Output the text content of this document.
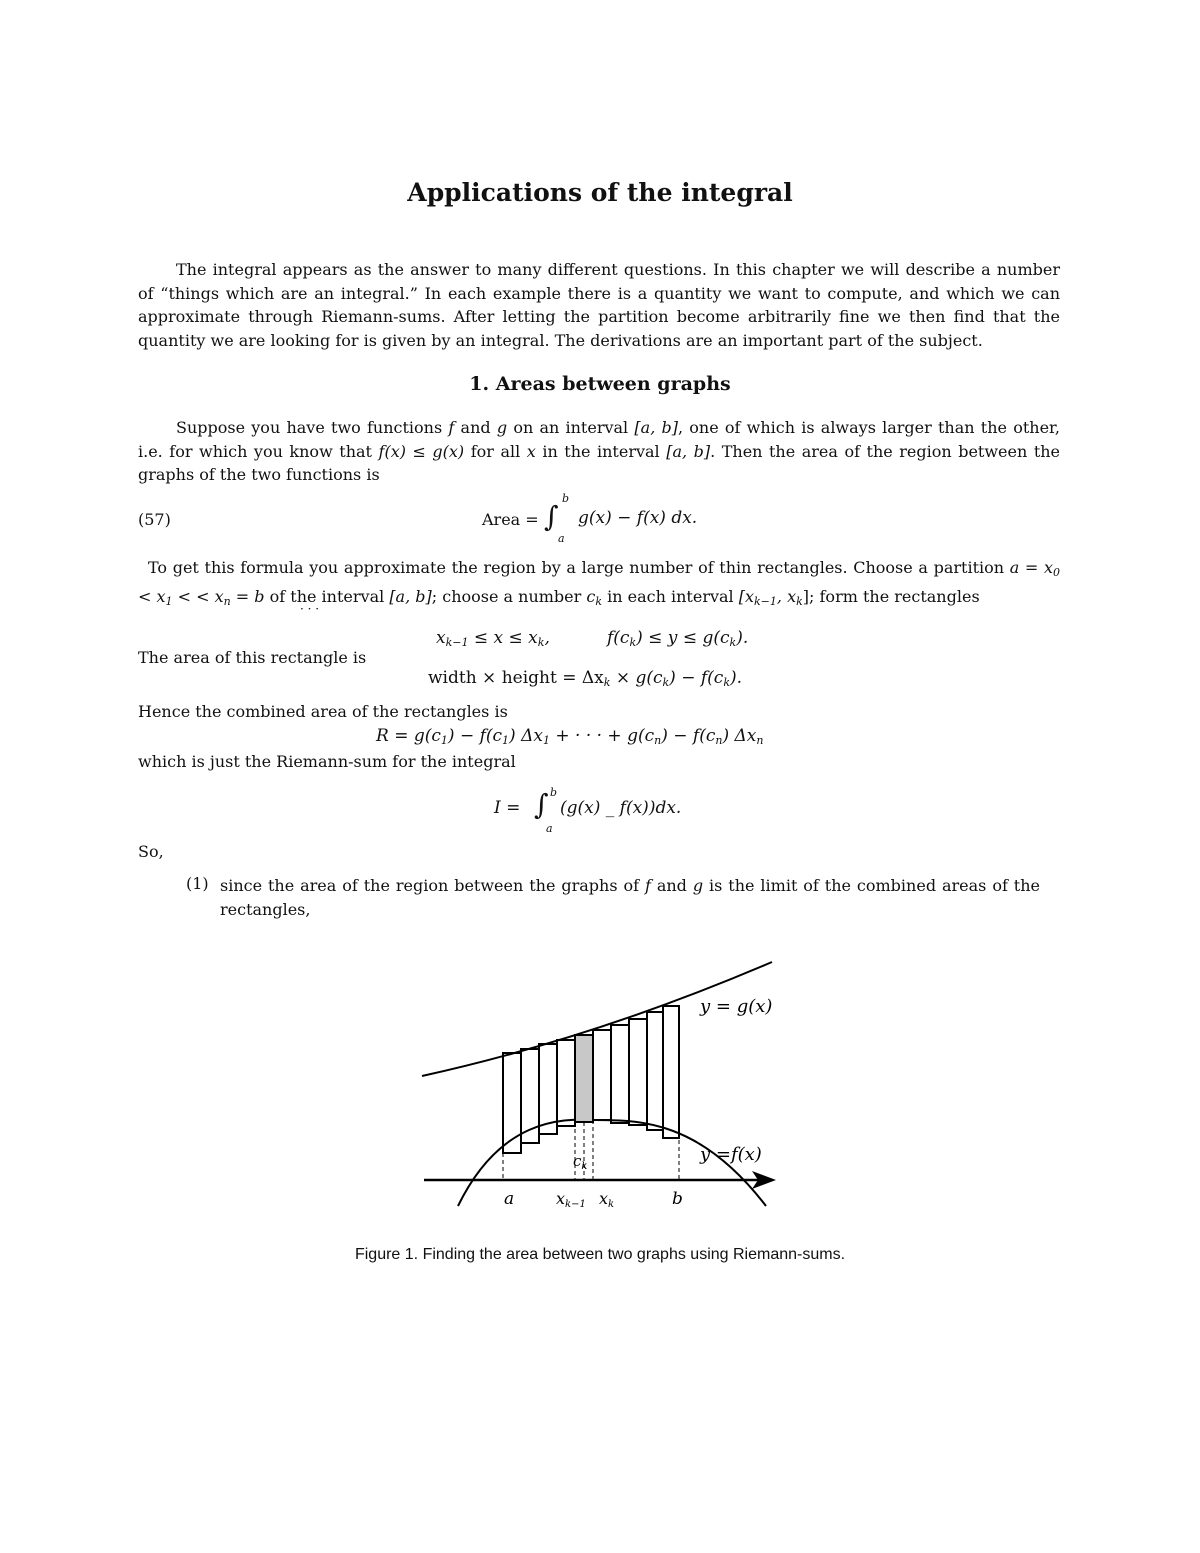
Applications of the integral

The integral appears as the answer to many different questions. In this chapter we will describe a number of “things which are an integral.” In each example there is a quantity we want to compute, and which we can approximate through Riemann-sums. After letting the partition become arbitrarily fine we then find that the quantity we are looking for is given by an integral. The derivations are an important part of the subject.

1. Areas between graphs

Suppose you have two functions f and g on an interval [a, b], one of which is always larger than the other, i.e. for which you know that f(x) ≤ g(x) for all x in the interval [a, b]. Then the area of the region between the graphs of the two functions is

(57)	Area = ∫
b
a
g(x) − f(x) dx.

To get this formula you approximate the region by a large number of thin rectangles. Choose a partition $a = x_0 < x_1$ < < $x_n = b$ of the interval [a, b]; choose a number $c_k$ in each interval [$x_{k-1}$, $x_k$]; form the rectangles

· · ·
$x_{k-1} \le x \le x_k$,	$f(c_k) \le y \le g(c_k)$.
The area of this rectangle is
width × height = $\Delta x_k \times g(c_k) - f(c_k)$.
Hence the combined area of the rectangles is
$R = g(c_1) - f(c_1) \Delta x_1$ + · · · + $g(c_n) - f(c_n)$ $\Delta x_n$
which is just the Riemann-sum for the integral
I = ∫ b
a
(g(x) _ f(x))dx.
So,
(1) since the area of the region between the graphs of f and g is the limit of the combined areas of the rectangles,

y = g(x)
y =f(x)
a	b
$c_k$
xk−1 xk
Figure 1. Finding the area between two graphs using Riemann-sums.
